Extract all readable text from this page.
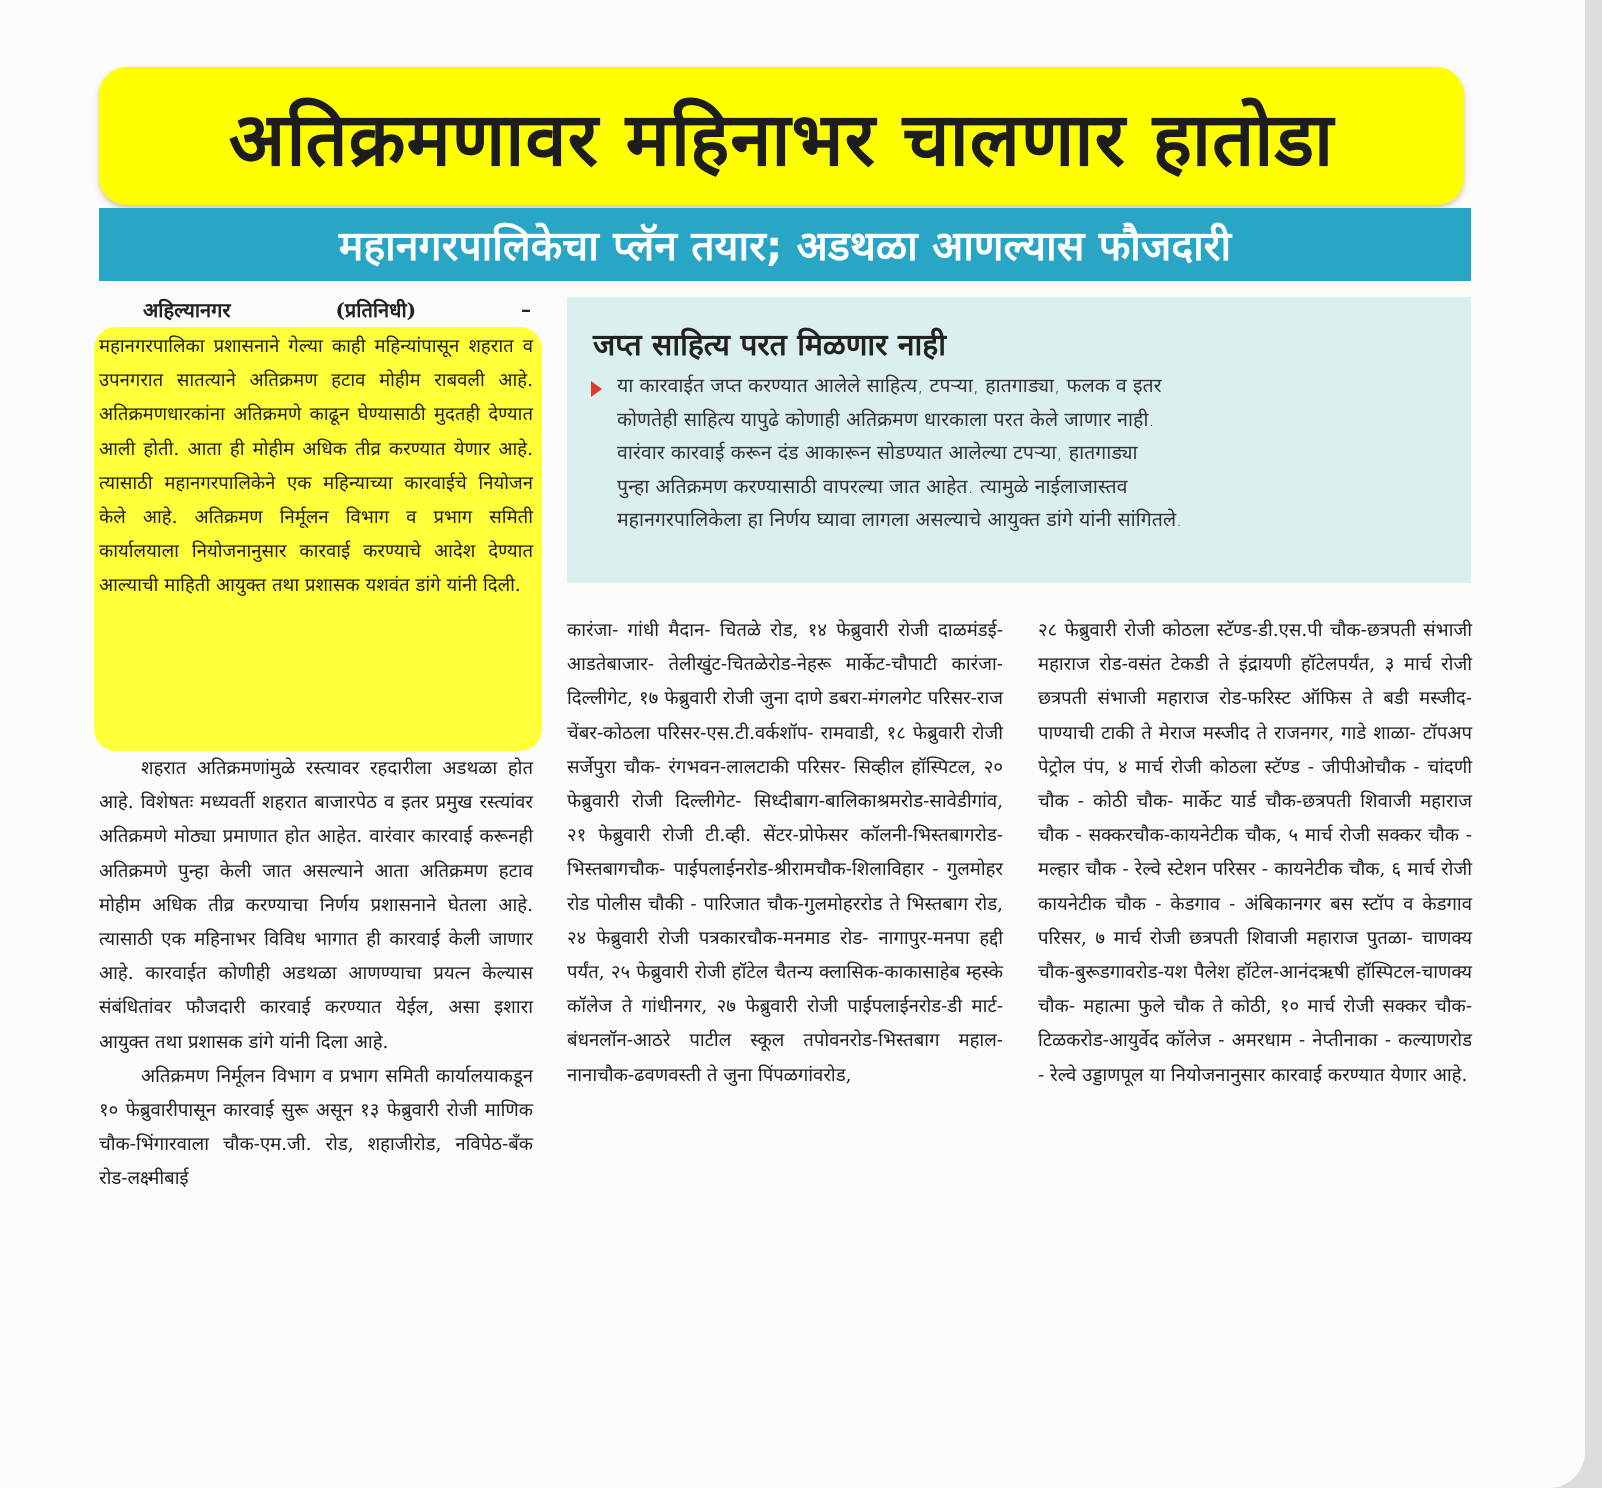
अतिक्रमणावर महिनाभर चालणार हातोडा
महानगरपालिकेचा प्लॅन तयार; अडथळा आणल्यास फौजदारी
अहिल्यानगर	(प्रतिनिधी)	–

महानगरपालिका प्रशासनाने गेल्या काही महिन्यांपासून शहरात व उपनगरात सातत्याने अतिक्रमण हटाव मोहीम राबवली आहे. अतिक्रमणधारकांना अतिक्रमणे काढून घेण्यासाठी मुदतही देण्यात आली होती. आता ही मोहीम अधिक तीव्र करण्यात येणार आहे. त्यासाठी महानगरपालिकेने एक महिन्याच्या कारवाईचे नियोजन केले आहे. अतिक्रमण निर्मूलन विभाग व प्रभाग समिती कार्यालयाला नियोजनानुसार कारवाई करण्याचे आदेश देण्यात आल्याची माहिती आयुक्त तथा प्रशासक यशवंत डांगे यांनी दिली.

शहरात अतिक्रमणांमुळे रस्त्यावर रहदारीला अडथळा होत आहे. विशेषतः मध्यवर्ती शहरात बाजारपेठ व इतर प्रमुख रस्त्यांवर अतिक्रमणे मोठ्या प्रमाणात होत आहेत. वारंवार कारवाई करूनही अतिक्रमणे पुन्हा केली जात असल्याने आता अतिक्रमण हटाव मोहीम अधिक तीव्र करण्याचा निर्णय प्रशासनाने घेतला आहे. त्यासाठी एक महिनाभर विविध भागात ही कारवाई केली जाणार आहे. कारवाईत कोणीही अडथळा आणण्याचा प्रयत्न केल्यास संबंधितांवर फौजदारी कारवाई करण्यात येईल, असा इशारा आयुक्त तथा प्रशासक डांगे यांनी दिला आहे.

अतिक्रमण निर्मूलन विभाग व प्रभाग समिती कार्यालयाकडून १० फेब्रुवारीपासून कारवाई सुरू असून १३ फेब्रुवारी रोजी माणिक चौक-भिंगारवाला चौक-एम.जी. रोड, शहाजीरोड, नविपेठ-बँक रोड-लक्ष्मीबाई

जप्त साहित्य परत मिळणार नाही
या कारवाईत जप्त करण्यात आलेले साहित्य, टपऱ्या, हातगाड्या, फलक व इतर
कोणतेही साहित्य यापुढे कोणाही अतिक्रमण धारकाला परत केले जाणार नाही.
वारंवार कारवाई करून दंड आकारून सोडण्यात आलेल्या टपऱ्या, हातगाड्या
पुन्हा अतिक्रमण करण्यासाठी वापरल्या जात आहेत. त्यामुळे नाईलाजास्तव
महानगरपालिकेला हा निर्णय घ्यावा लागला असल्याचे आयुक्त डांगे यांनी सांगितले.

कारंजा- गांधी मैदान- चितळे रोड, १४ फेब्रुवारी रोजी दाळमंडई-आडतेबाजार- तेलीखुंट-चितळेरोड-नेहरू मार्केट-चौपाटी कारंजा-दिल्लीगेट, १७ फेब्रुवारी रोजी जुना दाणे डबरा-मंगलगेट परिसर-राज चेंबर-कोठला परिसर-एस.टी.वर्कशॉप- रामवाडी, १८ फेब्रुवारी रोजी सर्जेपुरा चौक- रंगभवन-लालटाकी परिसर- सिव्हील हॉस्पिटल, २० फेब्रुवारी रोजी दिल्लीगेट- सिध्दीबाग-बालिकाश्रमरोड-सावेडीगांव, २१ फेब्रुवारी रोजी टी.व्ही. सेंटर-प्रोफेसर कॉलनी-भिस्तबागरोड-भिस्तबागचौक- पाईपलाईनरोड-श्रीरामचौक-शिलाविहार - गुलमोहर रोड पोलीस चौकी - पारिजात चौक-गुलमोहररोड ते भिस्तबाग रोड, २४ फेब्रुवारी रोजी पत्रकारचौक-मनमाड रोड- नागापुर-मनपा हद्दी पर्यंत, २५ फेब्रुवारी रोजी हॉटेल चैतन्य क्लासिक-काकासाहेब म्हस्के कॉलेज ते गांधीनगर, २७ फेब्रुवारी रोजी पाईपलाईनरोड-डी मार्ट-बंधनलॉन-आठरे पाटील स्कूल तपोवनरोड-भिस्तबाग महाल- नानाचौक-ढवणवस्ती ते जुना पिंपळगांवरोड,

२८ फेब्रुवारी रोजी कोठला स्टॅण्ड-डी.एस.पी चौक-छत्रपती संभाजी महाराज रोड-वसंत टेकडी ते इंद्रायणी हॉटेलपर्यंत, ३ मार्च रोजी छत्रपती संभाजी महाराज रोड-फरिस्ट ऑफिस ते बडी मस्जीद-पाण्याची टाकी ते मेराज मस्जीद ते राजनगर, गाडे शाळा- टॉपअप पेट्रोल पंप, ४ मार्च रोजी कोठला स्टॅण्ड - जीपीओचौक - चांदणी चौक - कोठी चौक- मार्केट यार्ड चौक-छत्रपती शिवाजी महाराज चौक - सक्करचौक-कायनेटीक चौक, ५ मार्च रोजी सक्कर चौक - मल्हार चौक - रेल्वे स्टेशन परिसर - कायनेटीक चौक, ६ मार्च रोजी कायनेटीक चौक - केडगाव - अंबिकानगर बस स्टॉप व केडगाव परिसर, ७ मार्च रोजी छत्रपती शिवाजी महाराज पुतळा- चाणक्य चौक-बुरूडगावरोड-यश पैलेश हॉटेल-आनंदऋषी हॉस्पिटल-चाणक्य चौक- महात्मा फुले चौक ते कोठी, १० मार्च रोजी सक्कर चौक-टिळकरोड-आयुर्वेद कॉलेज - अमरधाम - नेप्तीनाका - कल्याणरोड - रेल्वे उड्डाणपूल या नियोजनानुसार कारवाई करण्यात येणार आहे.
